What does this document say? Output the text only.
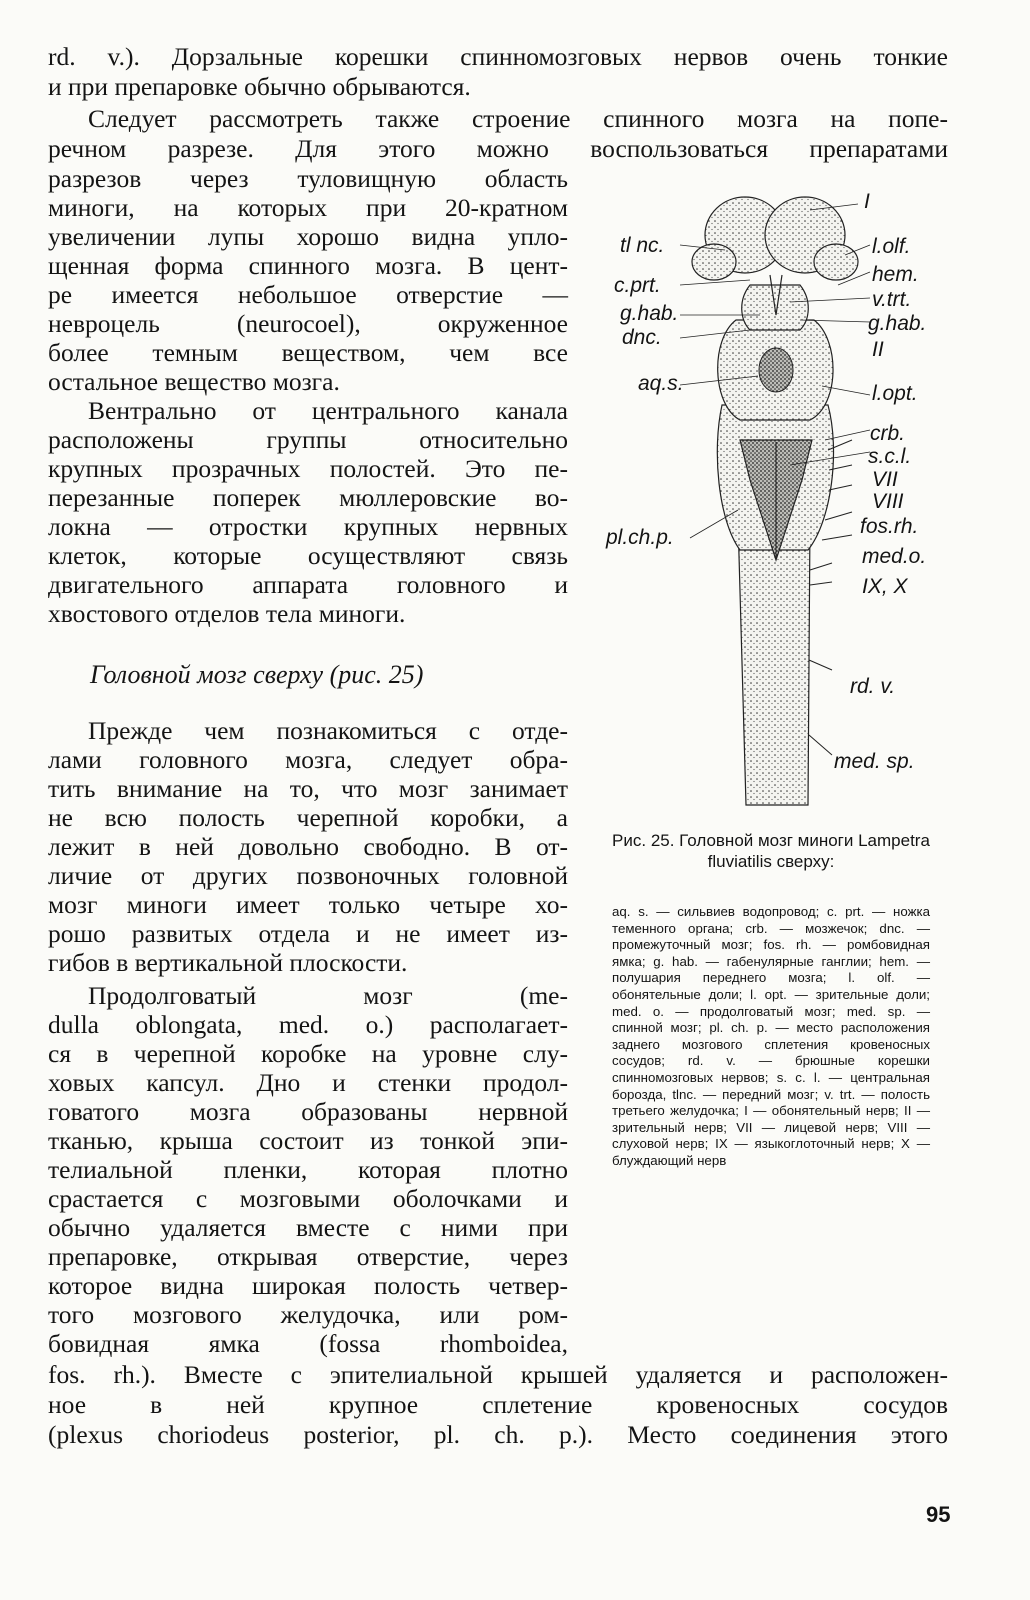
rd. v.). Дорзальные корешки спинномозговых нервов очень тонкие
и при препаровке обычно обрываются.
Следует рассмотреть также строение спинного мозга на попе-
речном разрезе. Для этого можно воспользоваться препаратами
разрезов через туловищную область
миноги, на которых при 20-кратном
увеличении лупы хорошо видна уплo-
щенная форма спинного мозга. В цент-
ре имеется небольшое отверстие —
невроцель (neurocoel), окруженное
более темным веществом, чем все
остальное вещество мозга.
Вентрально от центрального канала
расположены группы относительно
крупных прозрачных полостей. Это пе-
перезанные поперек мюллеровские во-
локна — отростки крупных нервных
клеток, которые осуществляют связь
двигательного аппарата головного и
хвостового отделов тела миноги.
Головной мозг сверху (рис. 25)
Прежде чем познакомиться с отде-
лами головного мозга, следует обра-
тить внимание на то, что мозг занимает
не всю полость черепной коробки, а
лежит в ней довольно свободно. В от-
личие от других позвоночных головной
мозг миноги имеет только четыре хо-
рошо развитых отдела и не имеет из-
гибов в вертикальной плоскости.
Продолговатый мозг (me-
dulla oblongata, med. o.) располагает-
ся в черепной коробке на уровне слу-
ховых капсул. Дно и стенки продол-
говатого мозга образованы нервной
тканью, крыша состоит из тонкой эпи-
телиальной пленки, которая плотно
срастается с мозговыми оболочками и
обычно удаляется вместе с ними при
препаровке, открывая отверстие, через
которое видна широкая полость четвер-
того мозгового желудочка, или ром-
бовидная ямка (fossa rhomboidea,
fos. rh.). Вместе с эпителиальной крышей удаляется и расположен-
ное в ней крупное сплетение кровеносных сосудов
(plexus choriodeus posterior, pl. ch. p.). Место соединения этого
I
tl nc.	l.olf.
c.prt.	hem.
g.hab.
v.trt.
dnc.
g.hab.
II
aq.s.	l.opt.
crb.
s.c.l.
VII
VIII
pl.ch.p.	fos.rh.
med.o.
IX, X
rd. v.
med. sp.
Рис. 25. Головной мозг миноги Lampetra fluviatilis сверху:
aq. s. — сильвиев водопровод; c. prt. — ножка теменного органа; crb. — мозжечок; dnc. — промежуточный мозг; fos. rh. — ромбовидная ямка; g. hab. — габенулярные ганглии; hem. — полушария переднего мозга; l. olf. — обонятельные доли; l. opt. — зрительные доли; med. o. — продолговатый мозг; med. sp. — спинной мозг; pl. ch. p. — место расположения заднего мозгового сплетения кровеносных сосудов; rd. v. — брюшные корешки спинномозговых нервов; s. c. l. — центральная борозда, tlnc. — передний мозг; v. trt. — полость третьего желудочка; I — обонятельный нерв; II — зрительный нерв; VII — лицевой нерв; VIII — слуховой нерв; IX — языкоглоточный нерв; X — блуждающий нерв
95
